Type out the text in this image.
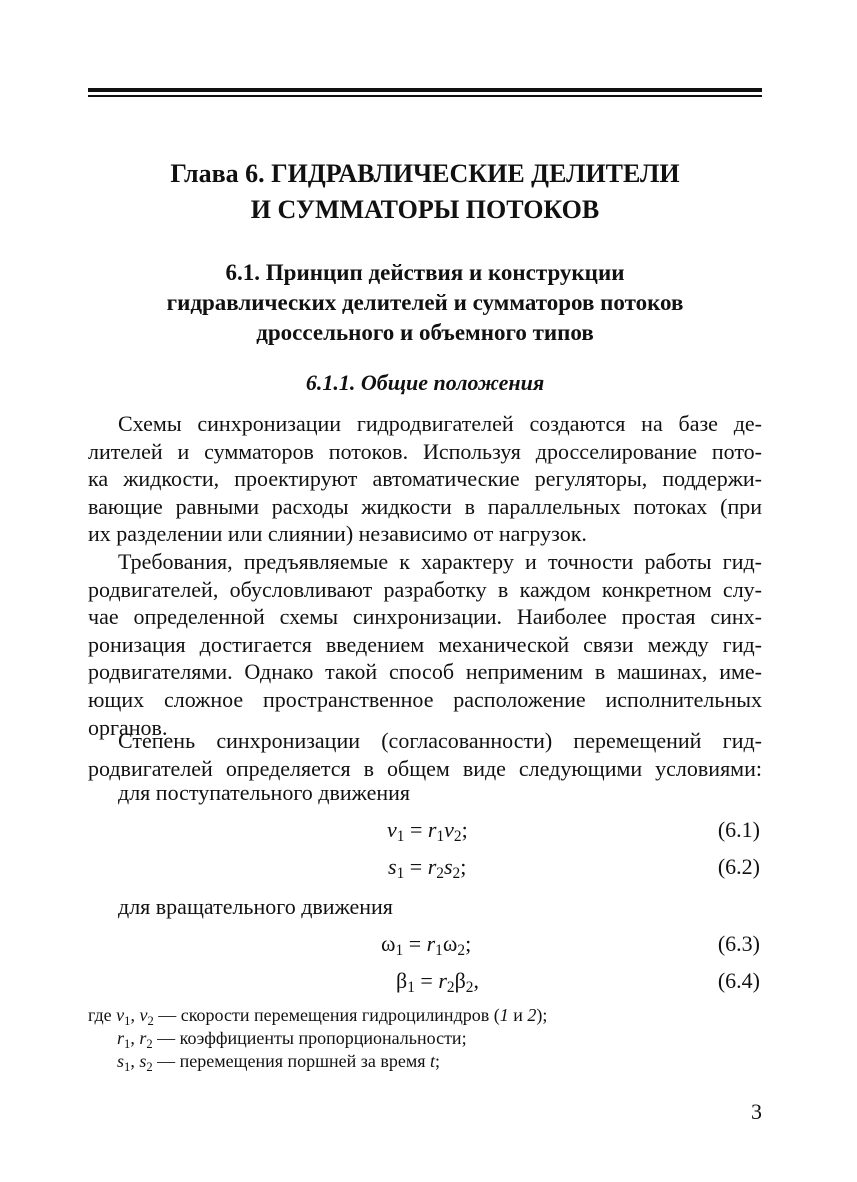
Глава 6. ГИДРАВЛИЧЕСКИЕ ДЕЛИТЕЛИ
И СУММАТОРЫ ПОТОКОВ
6.1. Принцип действия и конструкции
гидравлических делителей и сумматоров потоков
дроссельного и объемного типов
6.1.1. Общие положения
Схемы синхронизации гидродвигателей создаются на базе де-
лителей и сумматоров потоков. Используя дросселирование пото-
ка жидкости, проектируют автоматические регуляторы, поддержи-
вающие равными расходы жидкости в параллельных потоках (при
их разделении или слиянии) независимо от нагрузок.
Требования, предъявляемые к характеру и точности работы гид-
родвигателей, обусловливают разработку в каждом конкретном слу-
чае определенной схемы синхронизации. Наиболее простая синх-
ронизация достигается введением механической связи между гид-
родвигателями. Однако такой способ неприменим в машинах, име-
ющих сложное пространственное расположение исполнительных
органов.
Степень синхронизации (согласованности) перемещений гид-
родвигателей определяется в общем виде следующими условиями:
для поступательного движения
$v_1 = r_1v_2$;	(6.1)
$s_1 = r_2s_2$;	(6.2)
для вращательного движения
$\omega_1 = r_1\omega_2$;	(6.3)
$\beta_1 = r_2\beta_2$,	(6.4)
где $v_1$, $v_2$ — скорости перемещения гидроцилиндров (1 и 2);
$r_1$, $r_2$ — коэффициенты пропорциональности;
$s_1$, $s_2$ — перемещения поршней за время t;
3
